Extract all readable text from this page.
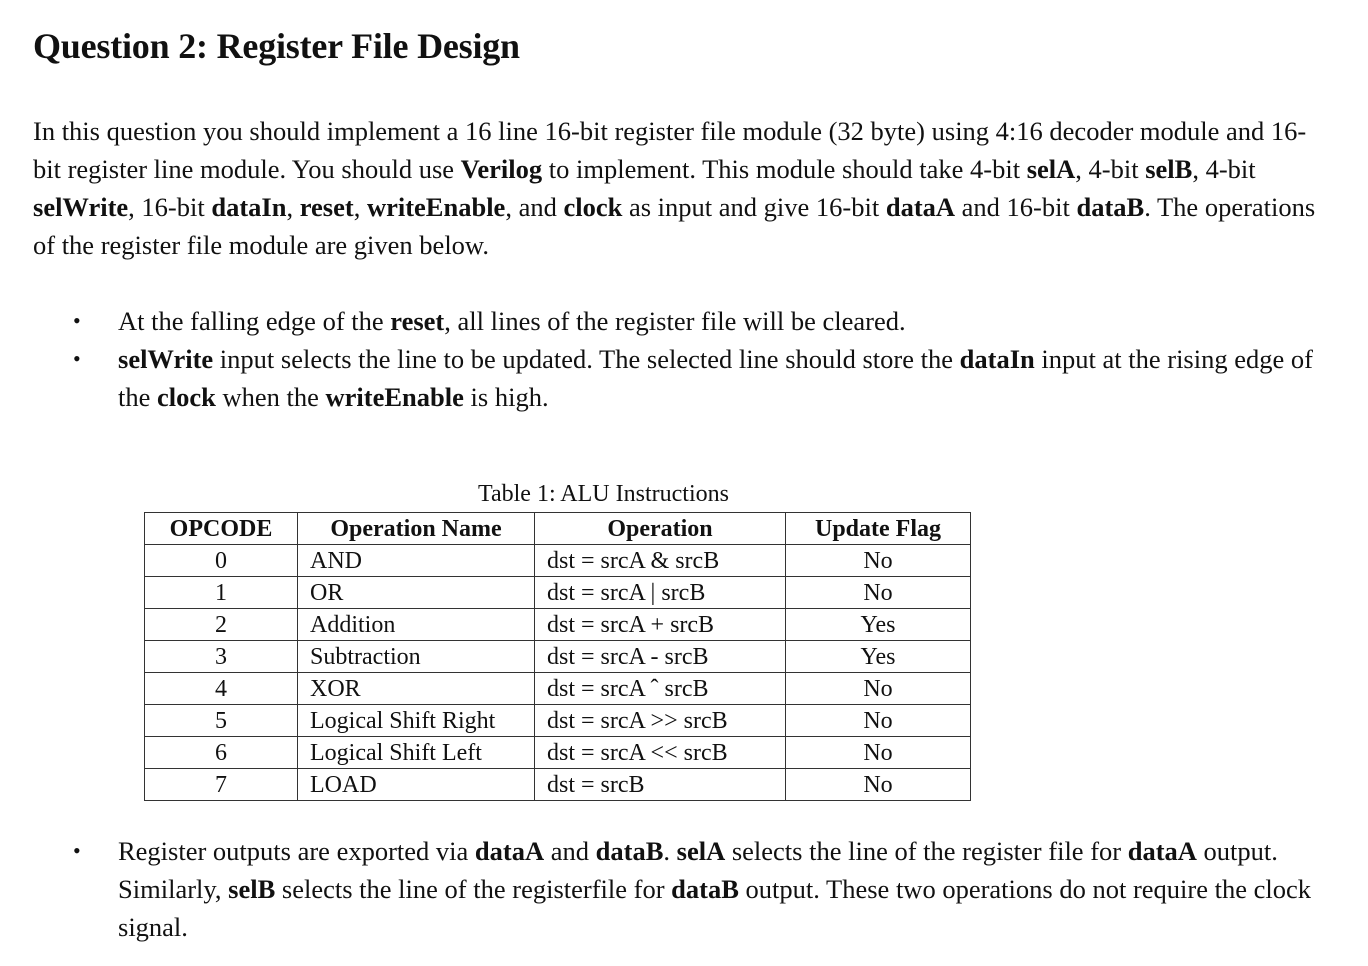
Question 2: Register File Design

In this question you should implement a 16 line 16-bit register file module (32 byte) using 4:16 decoder module and 16-bit register line module. You should use Verilog to implement. This module should take 4-bit selA, 4-bit selB, 4-bit selWrite, 16-bit dataIn, reset, writeEnable, and clock as input and give 16-bit dataA and 16-bit dataB. The operations of the register file module are given below.

• At the falling edge of the reset, all lines of the register file will be cleared.
• selWrite input selects the line to be updated. The selected line should store the dataIn input at the rising edge of the clock when the writeEnable is high.

Table 1: ALU Instructions

OPCODE	Operation Name	Operation	Update Flag
0	AND	dst = srcA & srcB	No
1	OR	dst = srcA | srcB	No
2	Addition	dst = srcA + srcB	Yes
3	Subtraction	dst = srcA - srcB	Yes
4	XOR	dst = srcA ˆ srcB	No
5	Logical Shift Right	dst = srcA >> srcB	No
6	Logical Shift Left	dst = srcA << srcB	No
7	LOAD	dst = srcB	No
• Register outputs are exported via dataA and dataB. selA selects the line of the register file for dataA output. Similarly, selB selects the line of the registerfile for dataB output. These two operations do not require the clock signal.
